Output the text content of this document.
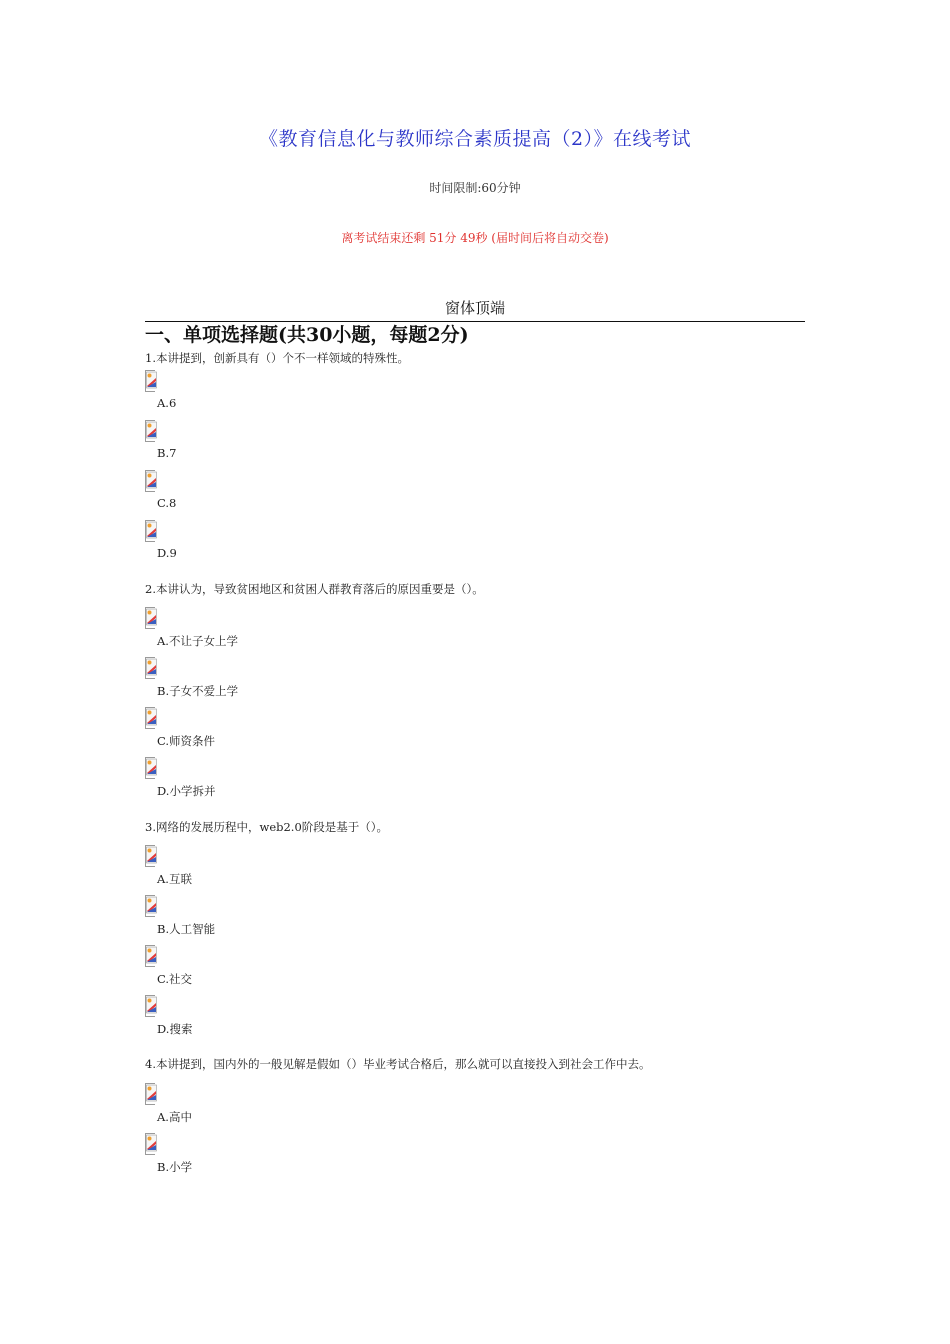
《教育信息化与教师综合素质提高（2）》在线考试
时间限制:60分钟
离考试结束还剩 51分 49秒 (届时间后将自动交卷)
窗体顶端
一、单项选择题(共30小题，每题2分)
1.本讲提到，创新具有（）个不一样领域的特殊性。
A.6
B.7
C.8
D.9
2.本讲认为，导致贫困地区和贫困人群教育落后的原因重要是（）。
A.不让子女上学
B.子女不爱上学
C.师资条件
D.小学拆并
3.网络的发展历程中，web2.0阶段是基于（）。
A.互联
B.人工智能
C.社交
D.搜索
4.本讲提到，国内外的一般见解是假如（）毕业考试合格后，那么就可以直接投入到社会工作中去。
A.高中
B.小学
